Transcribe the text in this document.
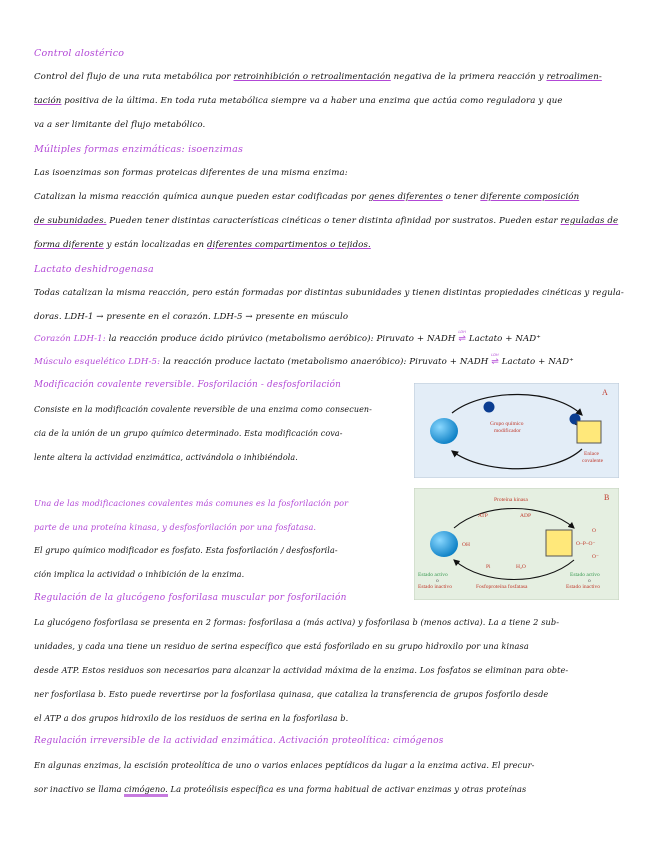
Control alostérico
Control del flujo de una ruta metabólica por retroinhibición o retroalimentación negativa de la primera reacción y retroalimen-
tación positiva de la última. En toda ruta metabólica siempre va a haber una enzima que actúa como reguladora y que
va a ser limitante del flujo metabólico.
Múltiples formas enzimáticas: isoenzimas
Las isoenzimas son formas proteicas diferentes de una misma enzima:
Catalizan la misma reacción química aunque pueden estar codificadas por genes diferentes o tener diferente composición
de subunidades. Pueden tener distintas características cinéticas o tener distinta afinidad por sustratos. Pueden estar reguladas de
forma diferente y están localizadas en diferentes compartimentos o tejidos.
Lactato deshidrogenasa
Todas catalizan la misma reacción, pero están formadas por distintas subunidades y tienen distintas propiedades cinéticas y regula-
doras. LDH-1 → presente en el corazón. LDH-5 → presente en músculo
Corazón LDH-1: la reacción produce ácido pirúvico (metabolismo aeróbico): Piruvato + NADH
LDH
⇌ Lactato + NAD⁺
Músculo esquelético LDH-5: la reacción produce lactato (metabolismo anaeróbico): Piruvato + NADH
LDH
⇌ Lactato + NAD⁺
Modificación covalente reversible. Fosforilación - desfosforilación
Consiste en la modificación covalente reversible de una enzima como consecuen-
cia de la unión de un grupo químico determinado. Esta modificación cova-
lente altera la actividad enzimática, activándola o inhibiéndola.
Una de las modificaciones covalentes más comunes es la fosforilación por
parte de una proteína kinasa, y desfosforilación por una fosfatasa.
El grupo químico modificador es fosfato. Esta fosforilación / desfosforila-
ción implica la actividad o inhibición de la enzima.
Regulación de la glucógeno fosforilasa muscular por fosforilación
La glucógeno fosforilasa se presenta en 2 formas: fosforilasa a (más activa) y fosforilasa b (menos activa). La a tiene 2 sub-
unidades, y cada una tiene un residuo de serina específico que está fosforilado en su grupo hidroxilo por una kinasa
desde ATP. Estos residuos son necesarios para alcanzar la actividad máxima de la enzima. Los fosfatos se eliminan para obte-
ner fosforilasa b. Esto puede revertirse por la fosforilasa quinasa, que cataliza la transferencia de grupos fosforilo desde
el ATP a dos grupos hidroxilo de los residuos de serina en la fosforilasa b.
Regulación irreversible de la actividad enzimática. Activación proteolítica: cimógenos
En algunas enzimas, la escisión proteolítica de uno o varios enlaces peptídicos da lugar a la enzima activa. El precur-
sor inactivo se llama cimógeno. La proteólisis específica es una forma habitual de activar enzimas y otras proteínas
A
Grupo químico
modificador
Enlace
covalente
B
Proteína kinasa
ATP	ADP
OH
O
O–P–O⁻
O⁻
Pi	H₂O
Estado activo
o
Estado inactivo
Estado activo
o
Estado inactivo
Fosfoproteína fosfatasa
